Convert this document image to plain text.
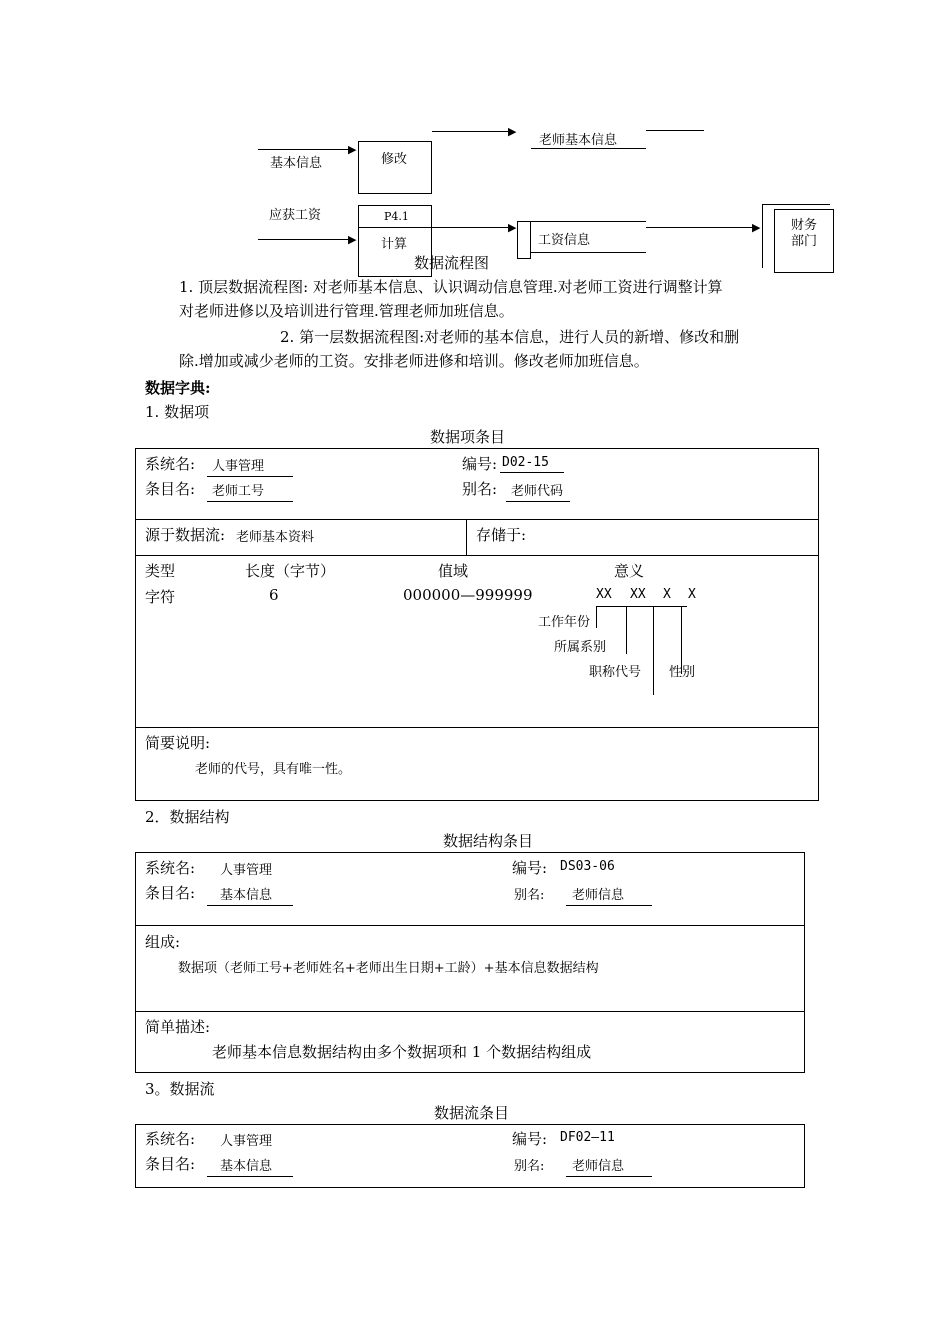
▶
基本信息	修改
▶
老师基本信息
应获工资
▶
P4.1
计算
▶
工资信息
▶ 财务
部门
数据流程图
1. 顶层数据流程图: 对老师基本信息、认识调动信息管理.对老师工资进行调整计算
对老师进修以及培训进行管理.管理老师加班信息。
2. 第一层数据流程图:对老师的基本信息，进行人员的新增、修改和删
除.增加或减少老师的工资。安排老师进修和培训。修改老师加班信息。
数据字典:
1. 数据项
数据项条目
系统名:	人事管理	编号: D02-15
条目名:	老师工号	别名:	老师代码
源于数据流: 老师基本资料	存储于:
类型	长度（字节）	值域	意义
字符	6	000000—999999	XX XX X X
工作年份
所属系别
职称代号 性别
简要说明:
老师的代号，具有唯一性。
2．数据结构
数据结构条目
系统名: 人事管理	编号: DS03-06
条目名:	基本信息	别名:	老师信息
组成:
数据项（老师工号+老师姓名+老师出生日期+工龄）+基本信息数据结构
简单描述:
老师基本信息数据结构由多个数据项和 1 个数据结构组成
3。数据流
数据流条目
系统名: 人事管理	编号: DF02—11
条目名:	基本信息	别名:	老师信息
